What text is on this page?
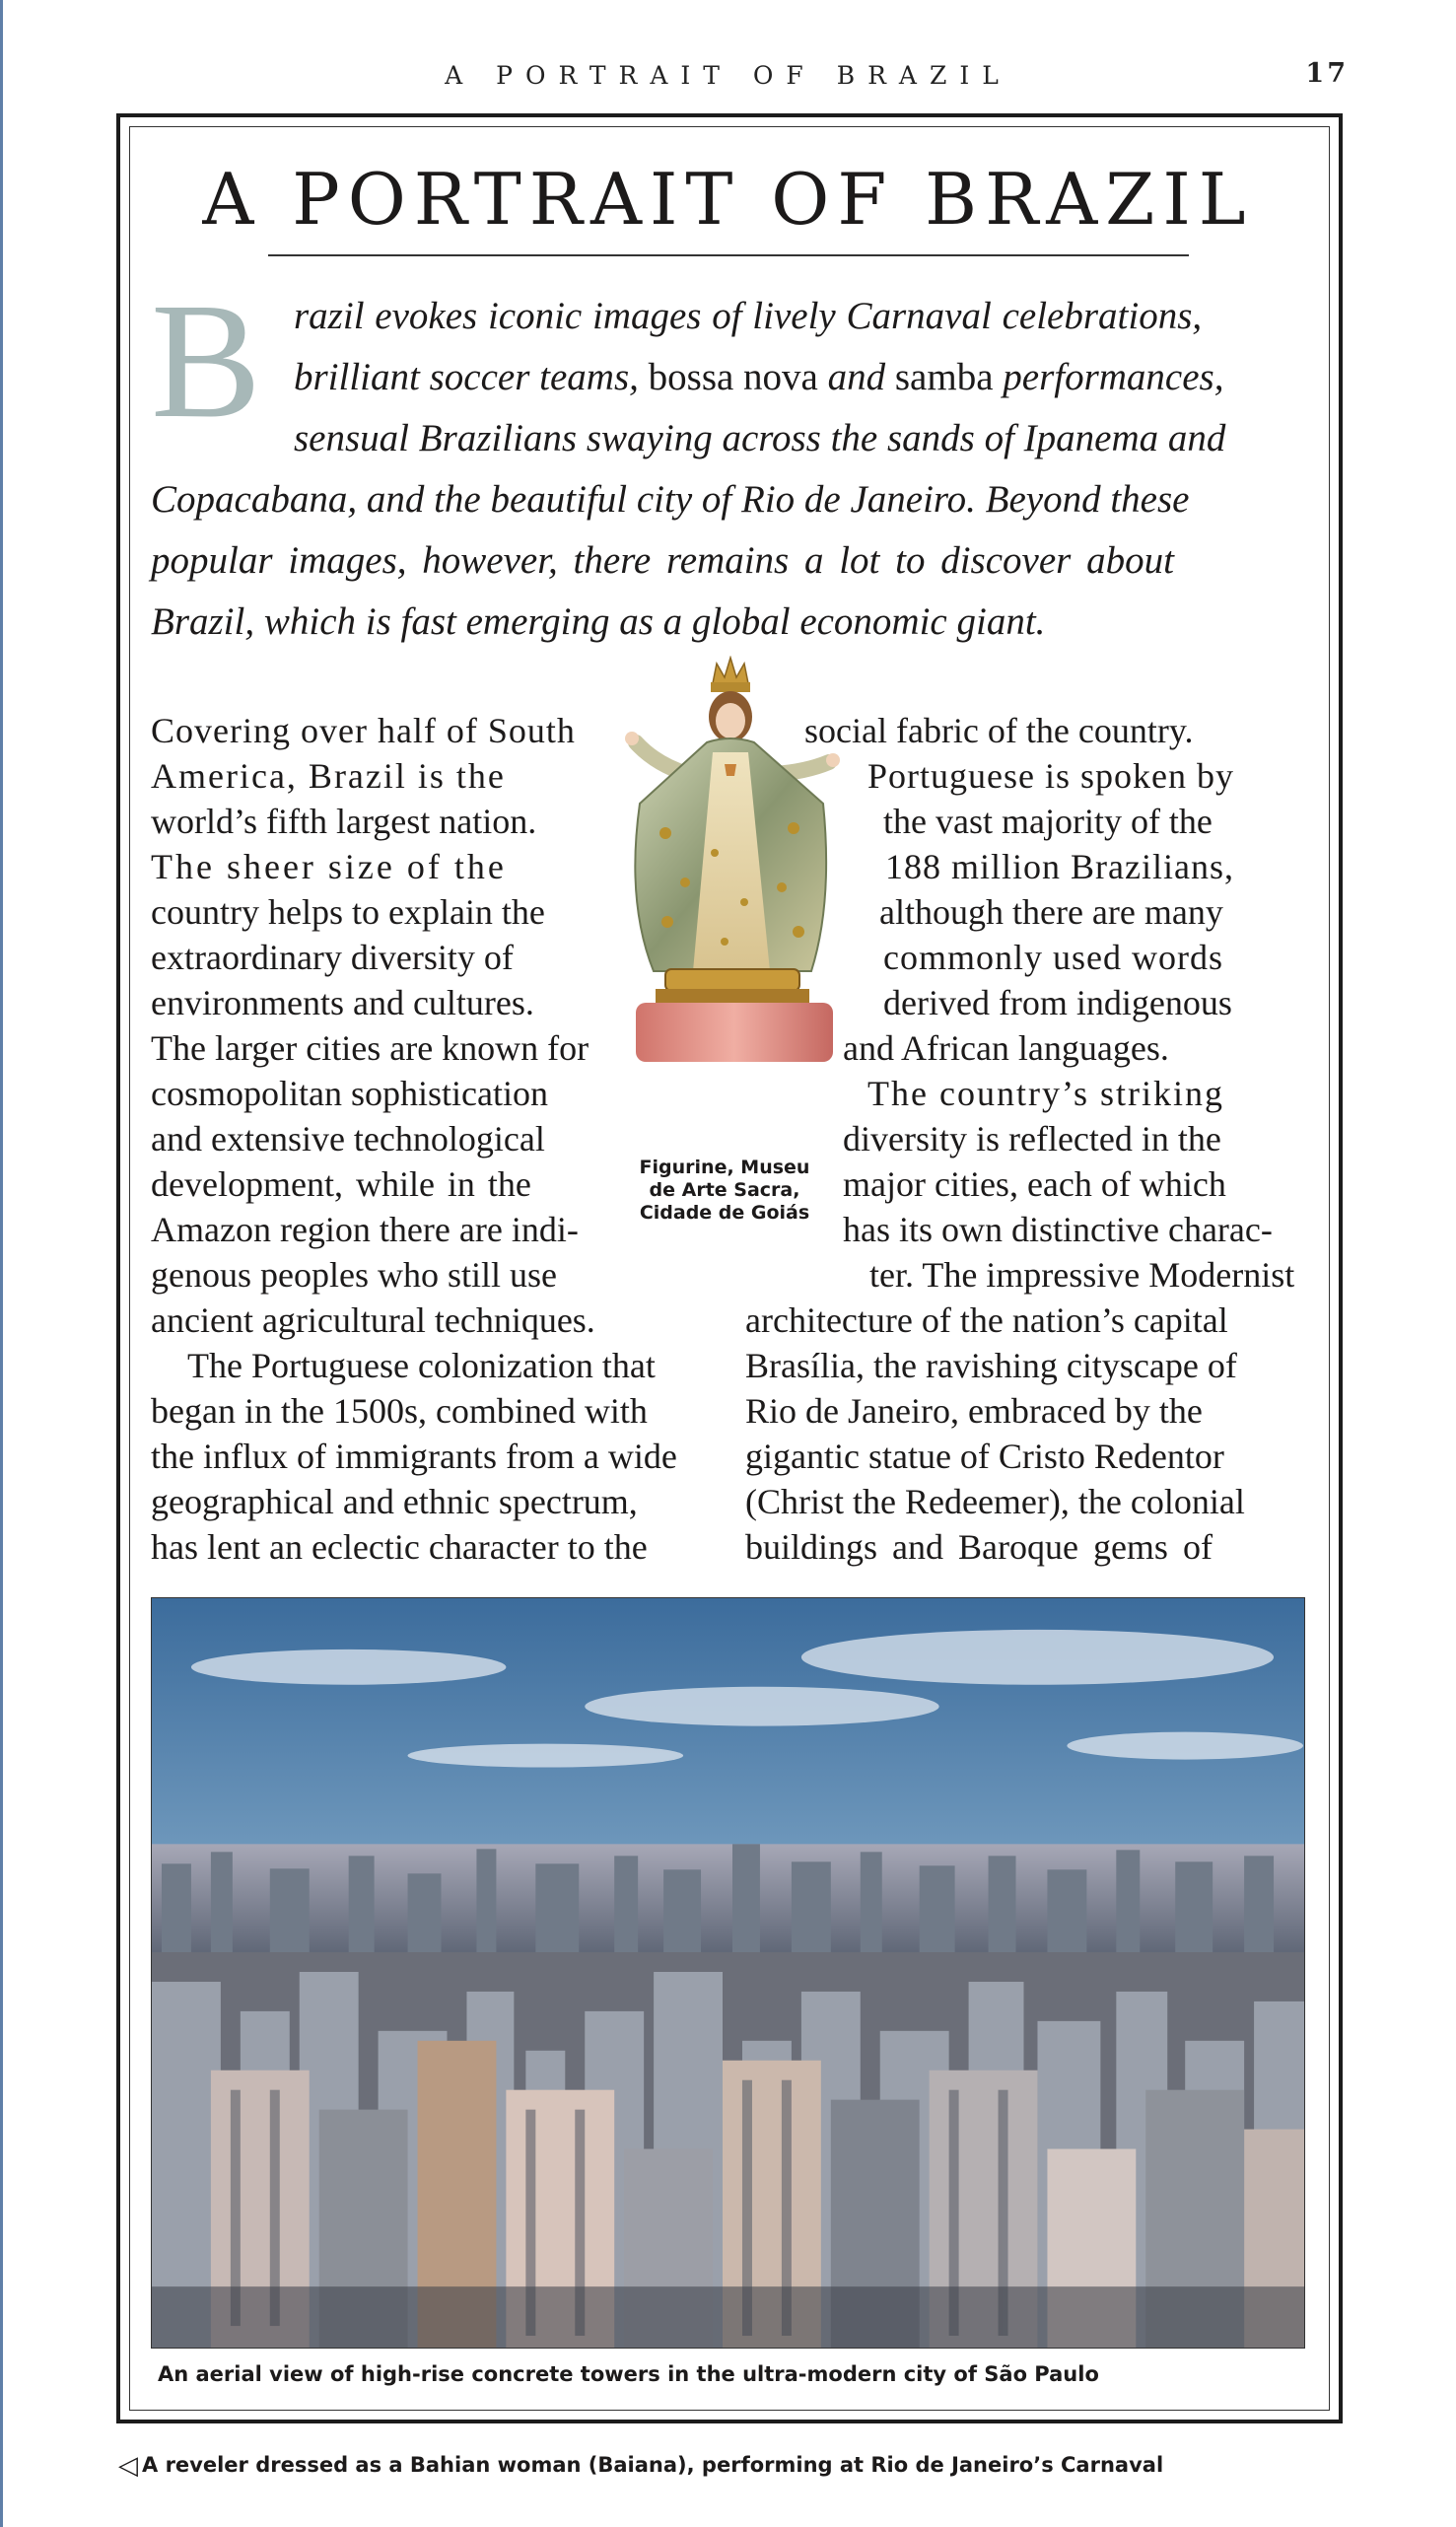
A PORTRAIT OF BRAZIL	17
A PORTRAIT OF BRAZIL
B razil evokes iconic images of lively Carnaval celebrations,
brilliant soccer teams, bossa nova and samba performances,
sensual Brazilians swaying across the sands of Ipanema and
Copacabana, and the beautiful city of Rio de Janeiro. Beyond these
popular images, however, there remains a lot to discover about
Brazil, which is fast emerging as a global economic giant.
Covering over half of South
America, Brazil is the
world’s fifth largest nation.
The sheer size of the
country helps to explain the
extraordinary diversity of
environments and cultures.
The larger cities are known for
cosmopolitan sophistication
and extensive technological
development, while in the
Amazon region there are indi-
genous peoples who still use
ancient agricultural techniques.
The Portuguese colonization that
began in the 1500s, combined with
the influx of immigrants from a wide
geographical and ethnic spectrum,
has lent an eclectic character to the
social fabric of the country.
Portuguese is spoken by
the vast majority of the
188 million Brazilians,
although there are many
commonly used words
derived from indigenous
and African languages.
The country’s striking
diversity is reflected in the
major cities, each of which
has its own distinctive charac-
ter. The impressive Modernist
architecture of the nation’s capital
Brasília, the ravishing cityscape of
Rio de Janeiro, embraced by the
gigantic statue of Cristo Redentor
(Christ the Redeemer), the colonial
buildings and Baroque gems of
Figurine, Museu
de Arte Sacra,
Cidade de Goiás
An aerial view of high-rise concrete towers in the ultra-modern city of São Paulo
◁ A reveler dressed as a Bahian woman (Baiana), performing at Rio de Janeiro’s Carnaval
